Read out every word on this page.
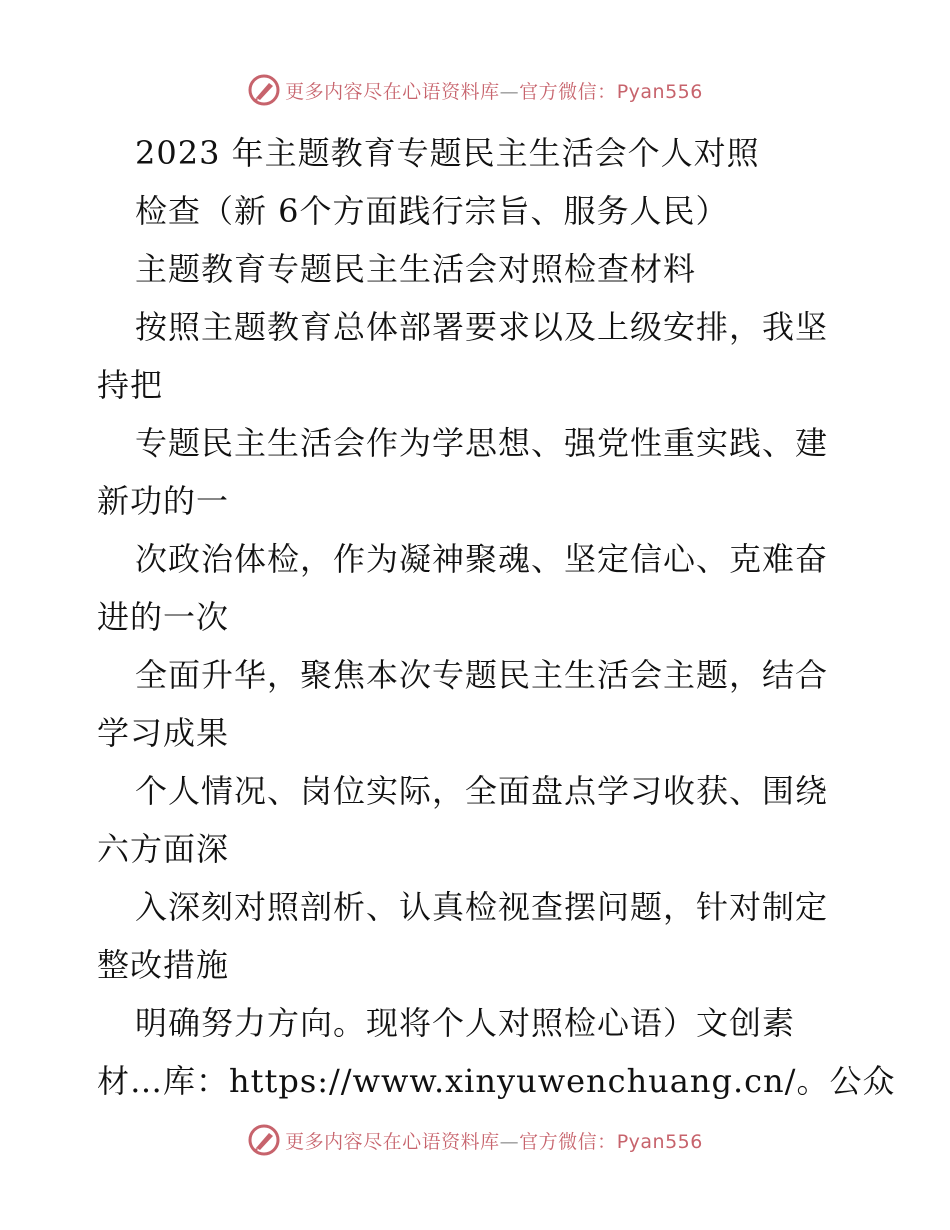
更多内容尽在心语资料库—官方微信：Pyan556
2023 年主题教育专题民主生活会个人对照
检查（新 6个方面践行宗旨、服务人民）
主题教育专题民主生活会对照检查材料
按照主题教育总体部署要求以及上级安排，我坚
持把
专题民主生活会作为学思想、强党性重实践、建
新功的一
次政治体检，作为凝神聚魂、坚定信心、克难奋
进的一次
全面升华，聚焦本次专题民主生活会主题，结合
学习成果
个人情况、岗位实际，全面盘点学习收获、围绕
六方面深
入深刻对照剖析、认真检视查摆问题，针对制定
整改措施
明确努力方向。现将个人对照检心语）文创素
材…库：https://www.xinyuwenchuang.cn/。公众
更多内容尽在心语资料库—官方微信：Pyan556
